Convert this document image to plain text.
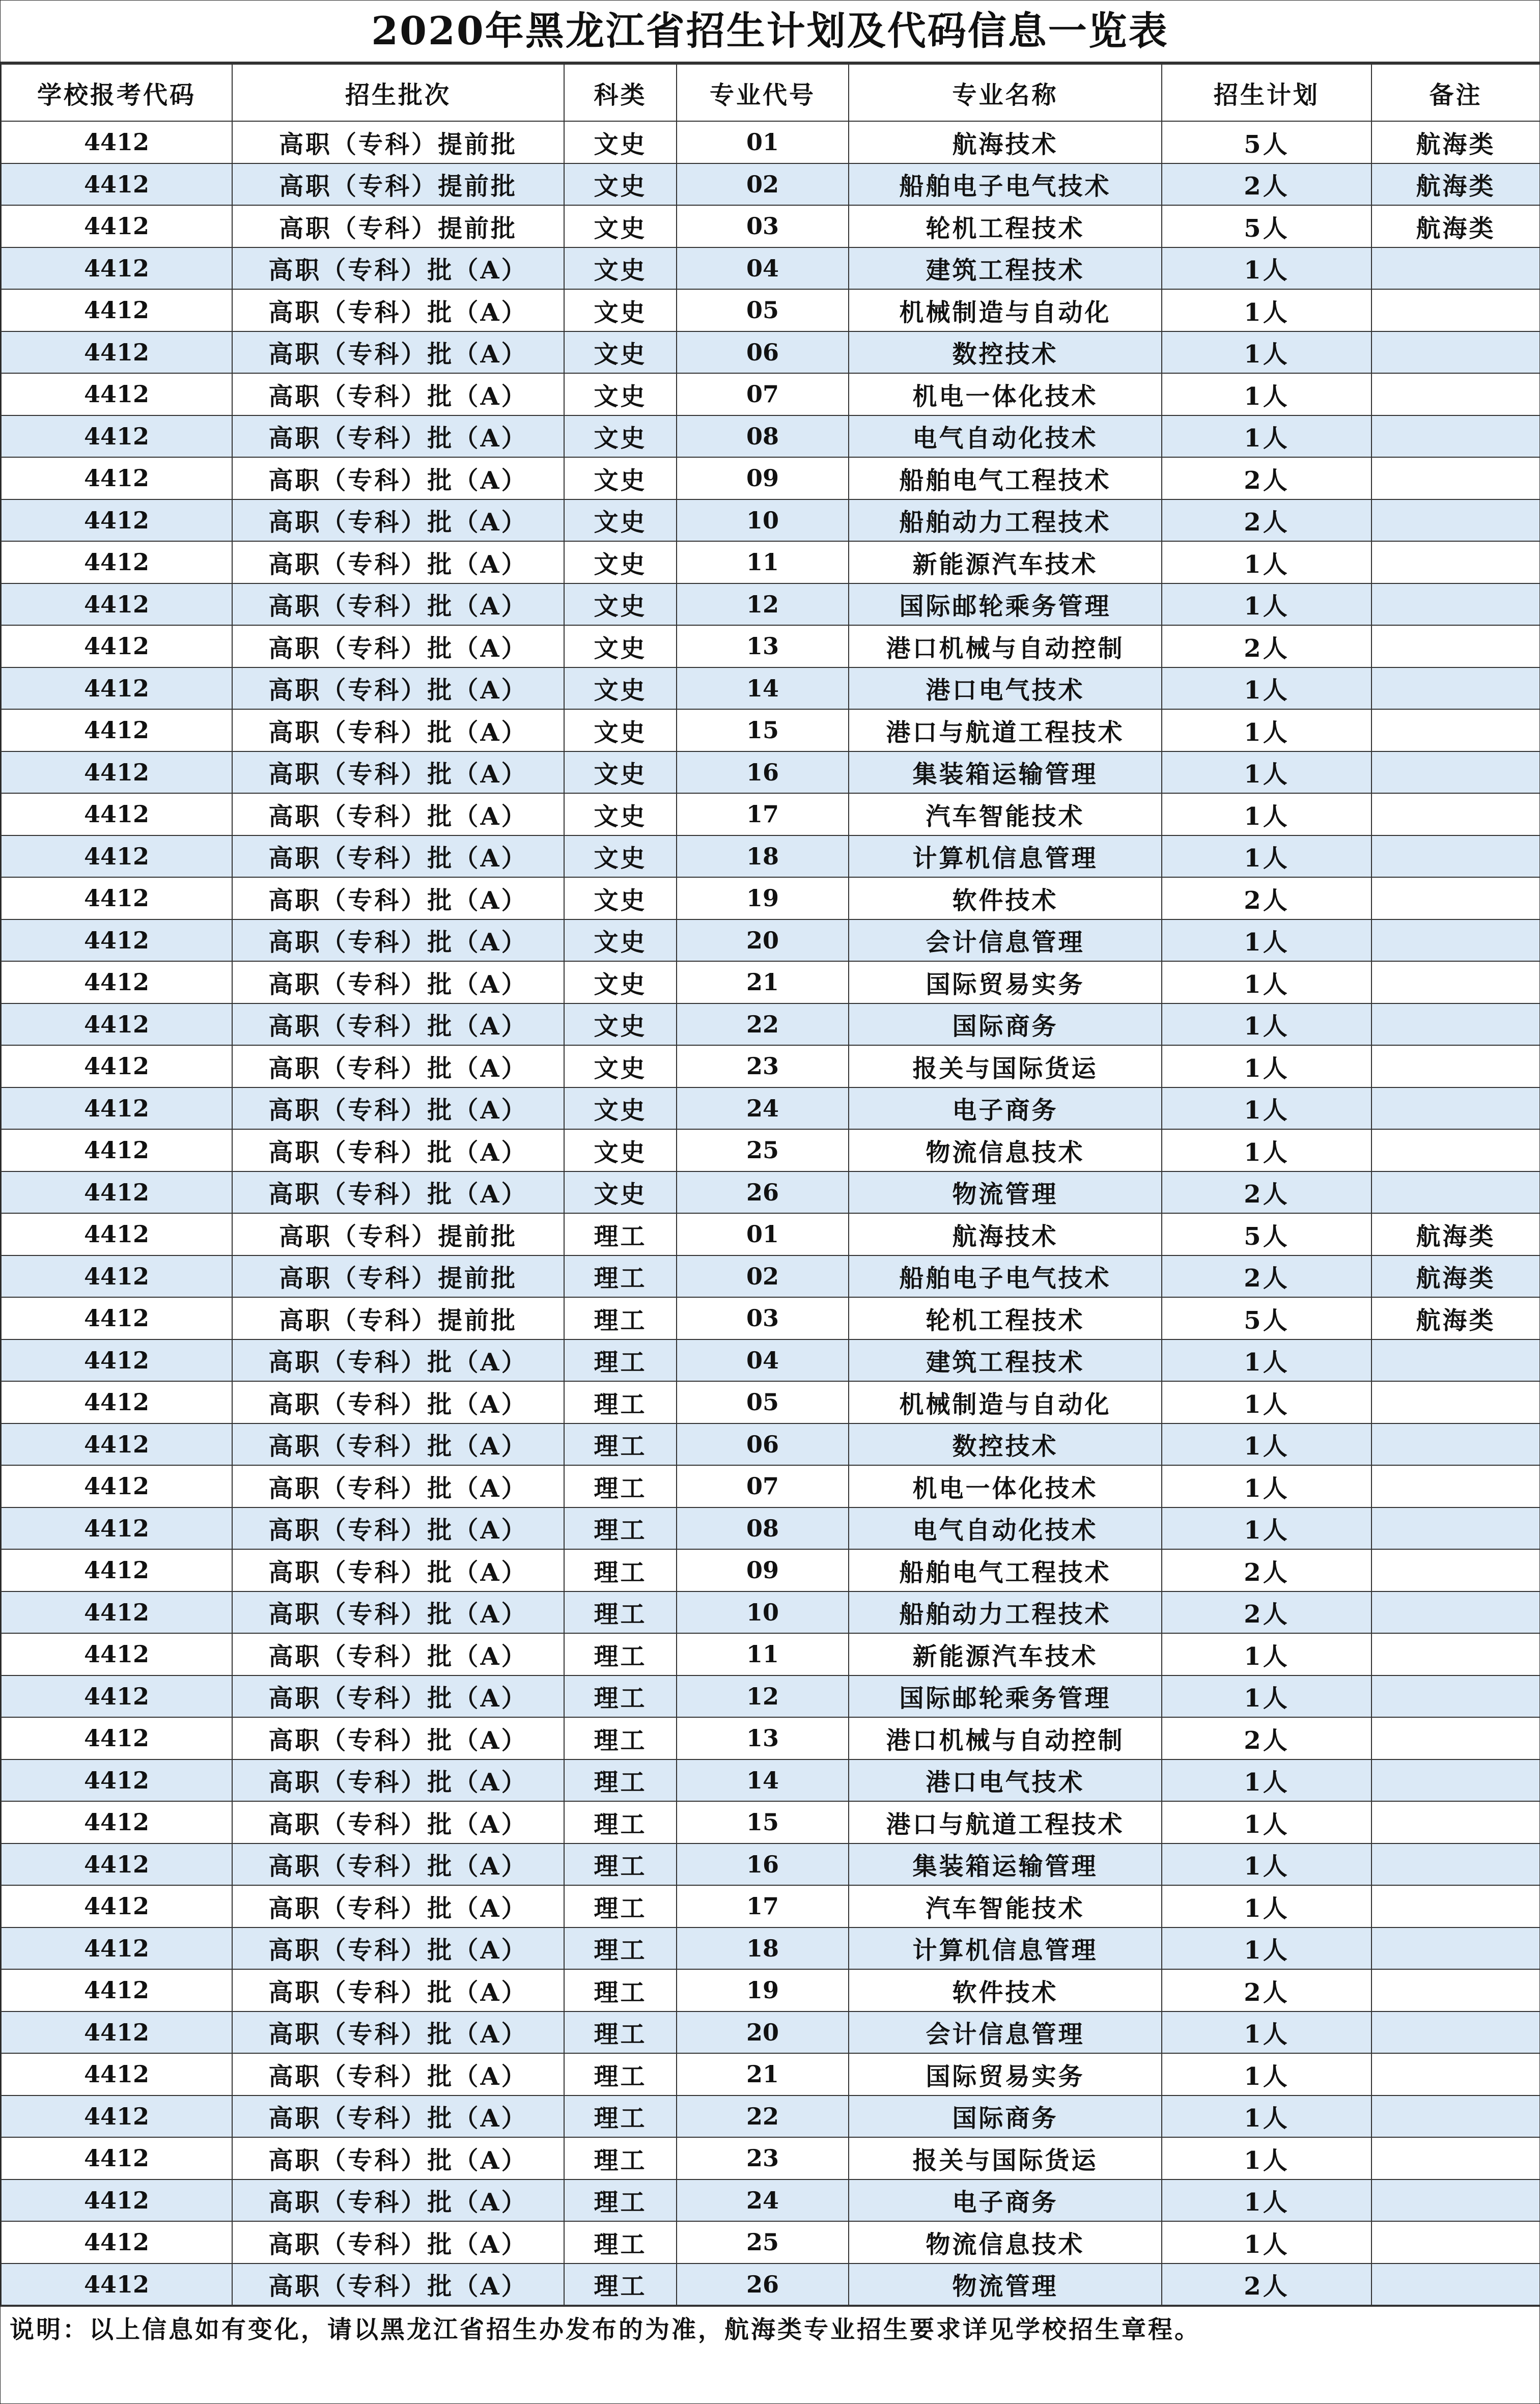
2020年黑龙江省招生计划及代码信息一览表
学校报考代码	招生批次	科类	专业代号	专业名称	招生计划	备注
4412	高职（专科）提前批	文史	01	航海技术	5人	航海类
4412	高职（专科）提前批	文史	02	船舶电子电气技术	2人	航海类
4412	高职（专科）提前批	文史	03	轮机工程技术	5人	航海类
4412	高职（专科）批（A）	文史	04	建筑工程技术	1人	
4412	高职（专科）批（A）	文史	05	机械制造与自动化	1人	
4412	高职（专科）批（A）	文史	06	数控技术	1人	
4412	高职（专科）批（A）	文史	07	机电一体化技术	1人	
4412	高职（专科）批（A）	文史	08	电气自动化技术	1人	
4412	高职（专科）批（A）	文史	09	船舶电气工程技术	2人	
4412	高职（专科）批（A）	文史	10	船舶动力工程技术	2人	
4412	高职（专科）批（A）	文史	11	新能源汽车技术	1人	
4412	高职（专科）批（A）	文史	12	国际邮轮乘务管理	1人	
4412	高职（专科）批（A）	文史	13	港口机械与自动控制	2人	
4412	高职（专科）批（A）	文史	14	港口电气技术	1人	
4412	高职（专科）批（A）	文史	15	港口与航道工程技术	1人	
4412	高职（专科）批（A）	文史	16	集装箱运输管理	1人	
4412	高职（专科）批（A）	文史	17	汽车智能技术	1人	
4412	高职（专科）批（A）	文史	18	计算机信息管理	1人	
4412	高职（专科）批（A）	文史	19	软件技术	2人	
4412	高职（专科）批（A）	文史	20	会计信息管理	1人	
4412	高职（专科）批（A）	文史	21	国际贸易实务	1人	
4412	高职（专科）批（A）	文史	22	国际商务	1人	
4412	高职（专科）批（A）	文史	23	报关与国际货运	1人	
4412	高职（专科）批（A）	文史	24	电子商务	1人	
4412	高职（专科）批（A）	文史	25	物流信息技术	1人	
4412	高职（专科）批（A）	文史	26	物流管理	2人	
4412	高职（专科）提前批	理工	01	航海技术	5人	航海类
4412	高职（专科）提前批	理工	02	船舶电子电气技术	2人	航海类
4412	高职（专科）提前批	理工	03	轮机工程技术	5人	航海类
4412	高职（专科）批（A）	理工	04	建筑工程技术	1人	
4412	高职（专科）批（A）	理工	05	机械制造与自动化	1人	
4412	高职（专科）批（A）	理工	06	数控技术	1人	
4412	高职（专科）批（A）	理工	07	机电一体化技术	1人	
4412	高职（专科）批（A）	理工	08	电气自动化技术	1人	
4412	高职（专科）批（A）	理工	09	船舶电气工程技术	2人	
4412	高职（专科）批（A）	理工	10	船舶动力工程技术	2人	
4412	高职（专科）批（A）	理工	11	新能源汽车技术	1人	
4412	高职（专科）批（A）	理工	12	国际邮轮乘务管理	1人	
4412	高职（专科）批（A）	理工	13	港口机械与自动控制	2人	
4412	高职（专科）批（A）	理工	14	港口电气技术	1人	
4412	高职（专科）批（A）	理工	15	港口与航道工程技术	1人	
4412	高职（专科）批（A）	理工	16	集装箱运输管理	1人	
4412	高职（专科）批（A）	理工	17	汽车智能技术	1人	
4412	高职（专科）批（A）	理工	18	计算机信息管理	1人	
4412	高职（专科）批（A）	理工	19	软件技术	2人	
4412	高职（专科）批（A）	理工	20	会计信息管理	1人	
4412	高职（专科）批（A）	理工	21	国际贸易实务	1人	
4412	高职（专科）批（A）	理工	22	国际商务	1人	
4412	高职（专科）批（A）	理工	23	报关与国际货运	1人	
4412	高职（专科）批（A）	理工	24	电子商务	1人	
4412	高职（专科）批（A）	理工	25	物流信息技术	1人	
4412	高职（专科）批（A）	理工	26	物流管理	2人	
说明：以上信息如有变化，请以黑龙江省招生办发布的为准，航海类专业招生要求详见学校招生章程。
